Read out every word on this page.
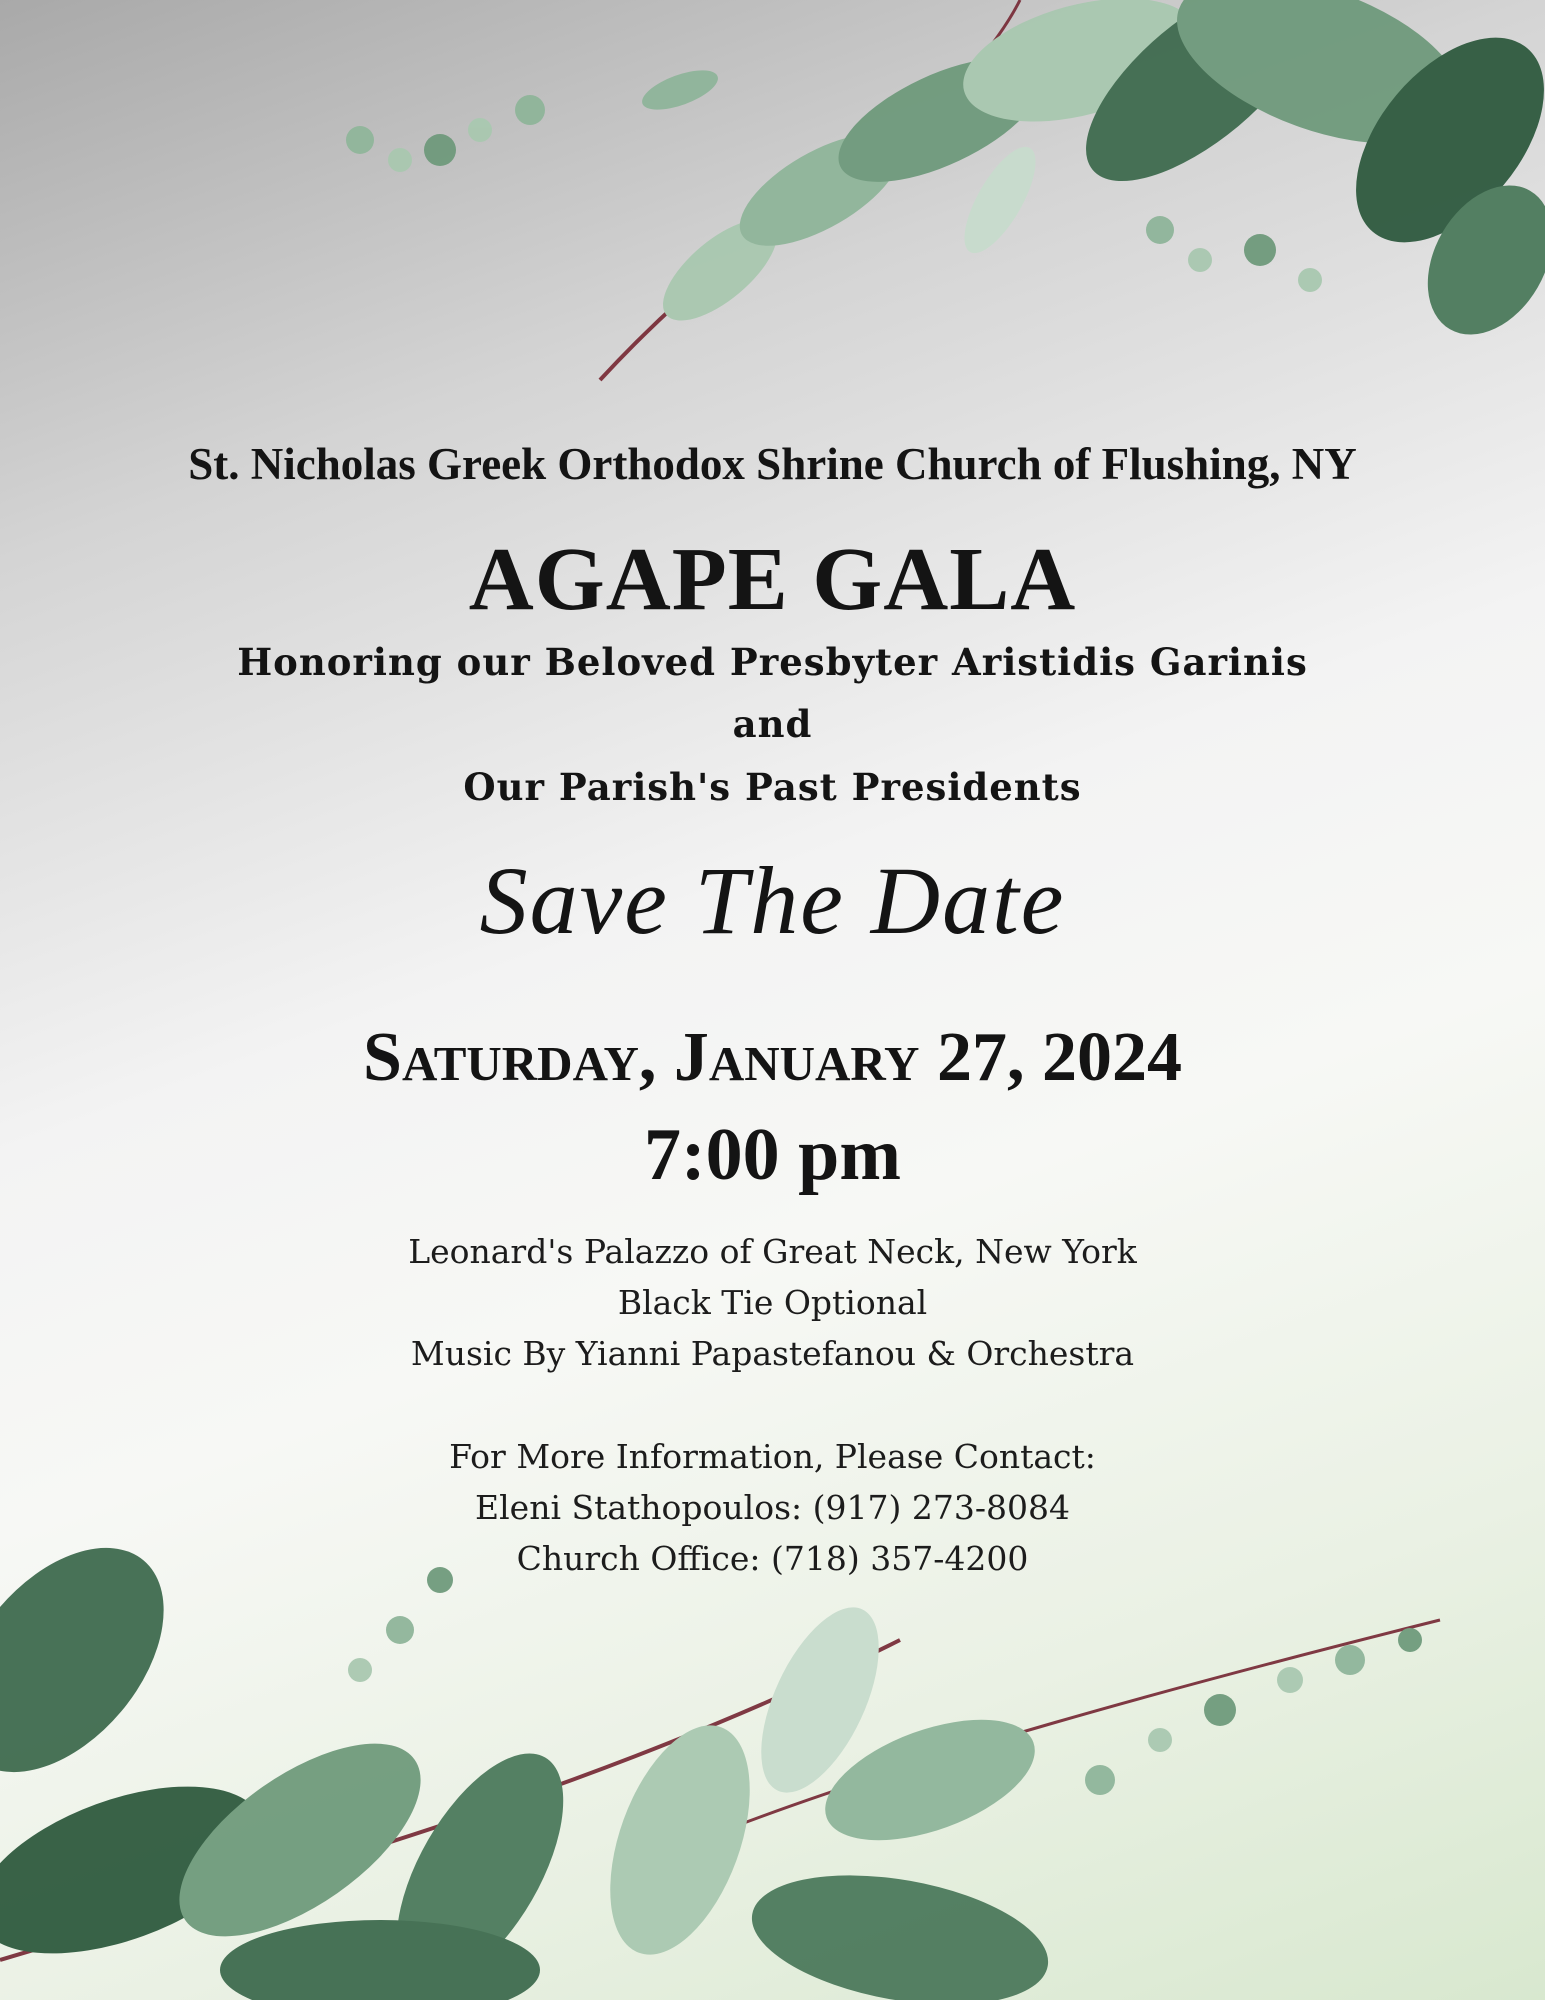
St. Nicholas Greek Orthodox Shrine Church of Flushing, NY
AGAPE GALA
Honoring our Beloved Presbyter Aristidis Garinis
and
Our Parish's Past Presidents
Save The Date
Saturday, January 27, 2024
7:00 pm
Leonard's Palazzo of Great Neck, New York
Black Tie Optional
Music By Yianni Papastefanou & Orchestra
For More Information, Please Contact:
Eleni Stathopoulos: (917) 273-8084
Church Office: (718) 357-4200
